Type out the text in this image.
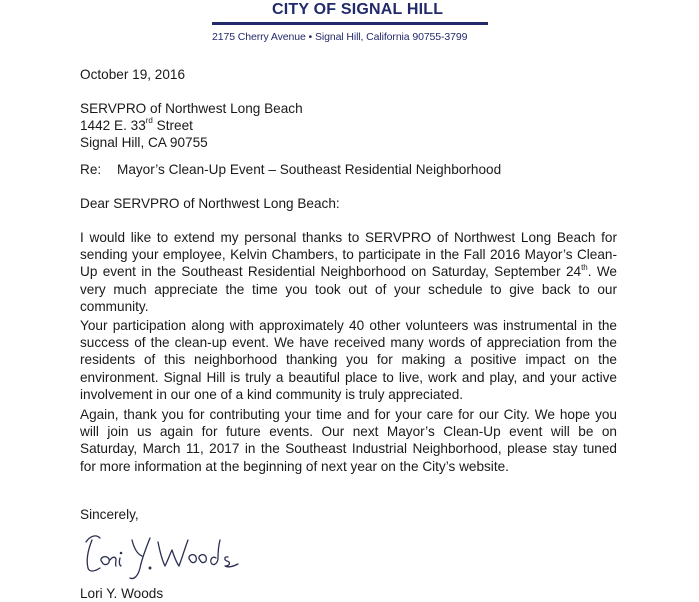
CITY OF SIGNAL HILL
2175 Cherry Avenue • Signal Hill, California 90755-3799
October 19, 2016
SERVPRO of Northwest Long Beach
1442 E. 33rd Street
Signal Hill, CA 90755
Re: Mayor’s Clean-Up Event – Southeast Residential Neighborhood
Dear SERVPRO of Northwest Long Beach:
I would like to extend my personal thanks to SERVPRO of Northwest Long Beach for
sending your employee, Kelvin Chambers, to participate in the Fall 2016 Mayor’s Clean-
Up event in the Southeast Residential Neighborhood on Saturday, September 24th. We
very much appreciate the time you took out of your schedule to give back to our
community.
Your participation along with approximately 40 other volunteers was instrumental in the
success of the clean-up event. We have received many words of appreciation from the
residents of this neighborhood thanking you for making a positive impact on the
environment. Signal Hill is truly a beautiful place to live, work and play, and your active
involvement in our one of a kind community is truly appreciated.
Again, thank you for contributing your time and for your care for our City. We hope you
will join us again for future events. Our next Mayor’s Clean-Up event will be on
Saturday, March 11, 2017 in the Southeast Industrial Neighborhood, please stay tuned
for more information at the beginning of next year on the City’s website.
Sincerely,
Lori Y. Woods
